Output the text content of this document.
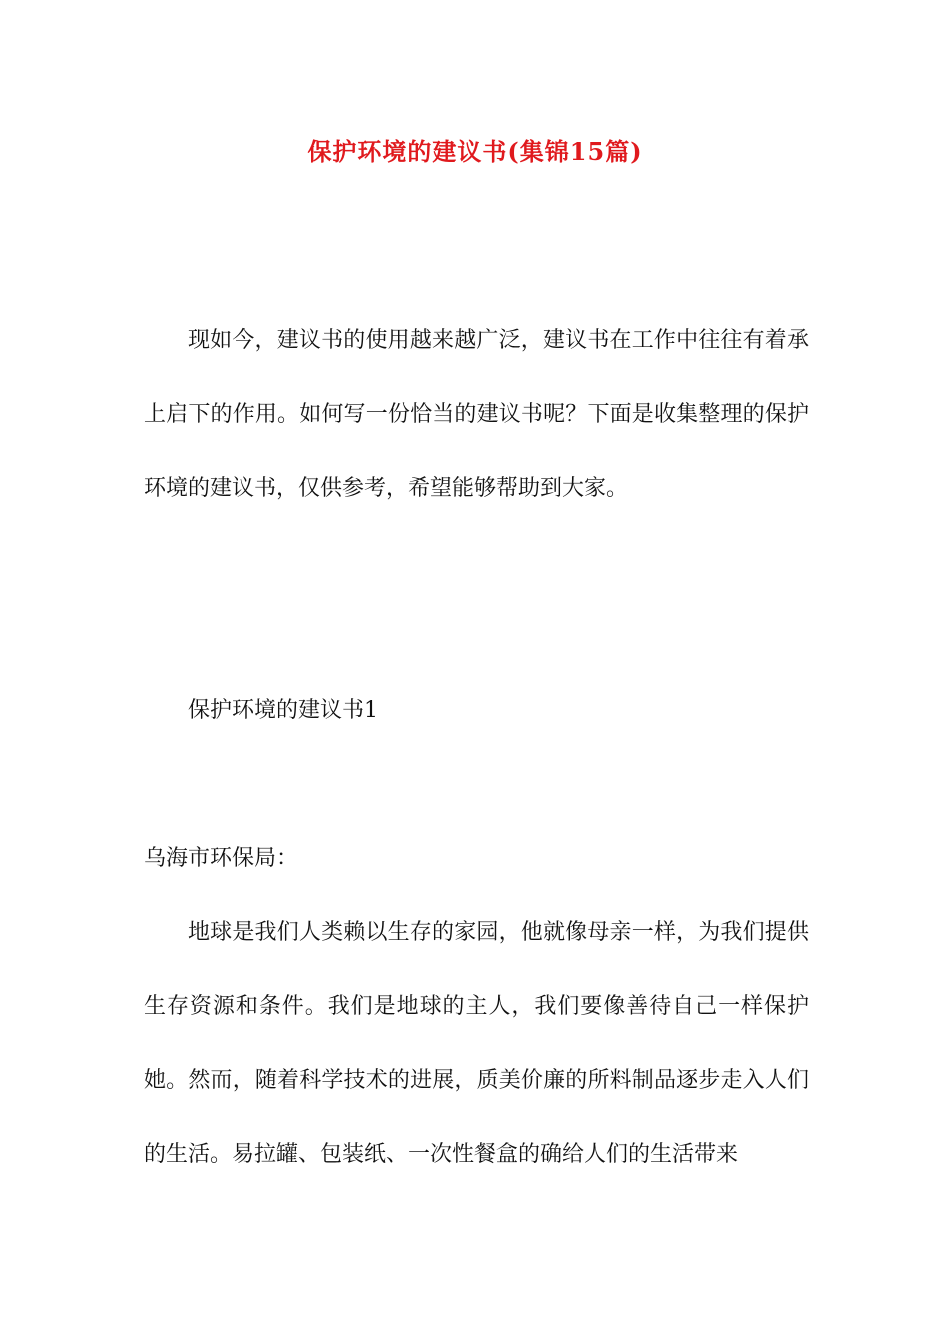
保护环境的建议书(集锦15篇)

现如今，建议书的使用越来越广泛，建议书在工作中往往有着承上启下的作用。如何写一份恰当的建议书呢？下面是收集整理的保护环境的建议书，仅供参考，希望能够帮助到大家。

保护环境的建议书1

乌海市环保局：

地球是我们人类赖以生存的家园，他就像母亲一样，为我们提供生存资源和条件。我们是地球的主人，我们要像善待自己一样保护她。然而，随着科学技术的进展，质美价廉的所料制品逐步走入人们的生活。易拉罐、包装纸、一次性餐盒的确给人们的生活带来
